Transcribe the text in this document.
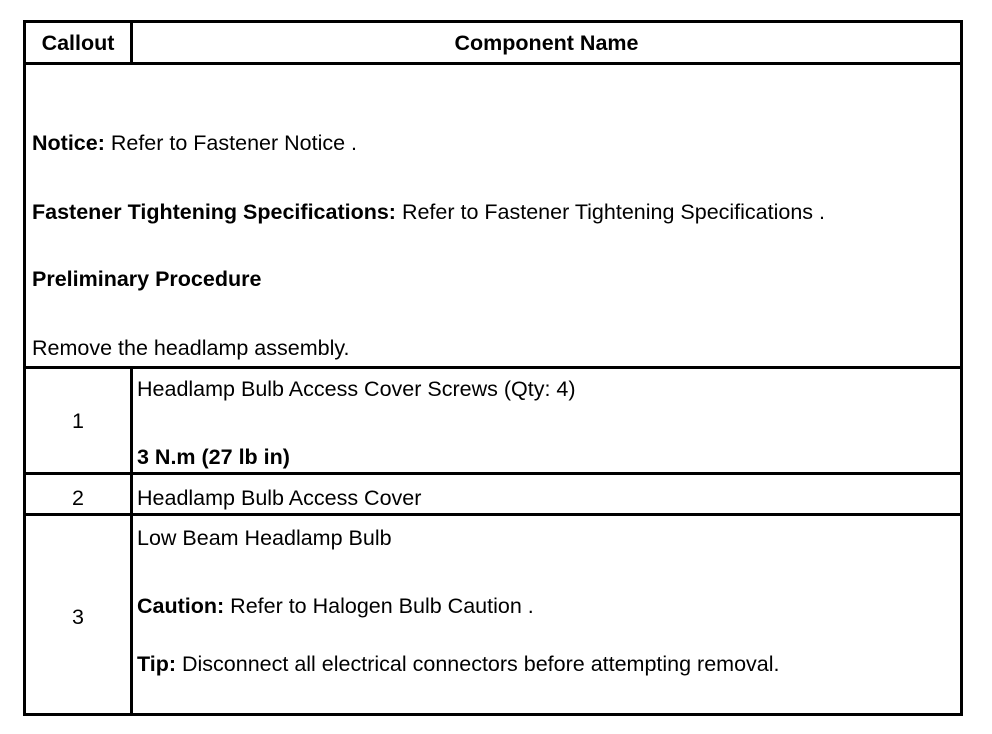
Callout	Component Name
Notice: Refer to Fastener Notice .
Fastener Tightening Specifications: Refer to Fastener Tightening Specifications .
Preliminary Procedure
Remove the headlamp assembly.
1
Headlamp Bulb Access Cover Screws (Qty: 4)
3 N.m (27 lb in)
2	Headlamp Bulb Access Cover
3
Low Beam Headlamp Bulb
Caution: Refer to Halogen Bulb Caution .
Tip: Disconnect all electrical connectors before attempting removal.
